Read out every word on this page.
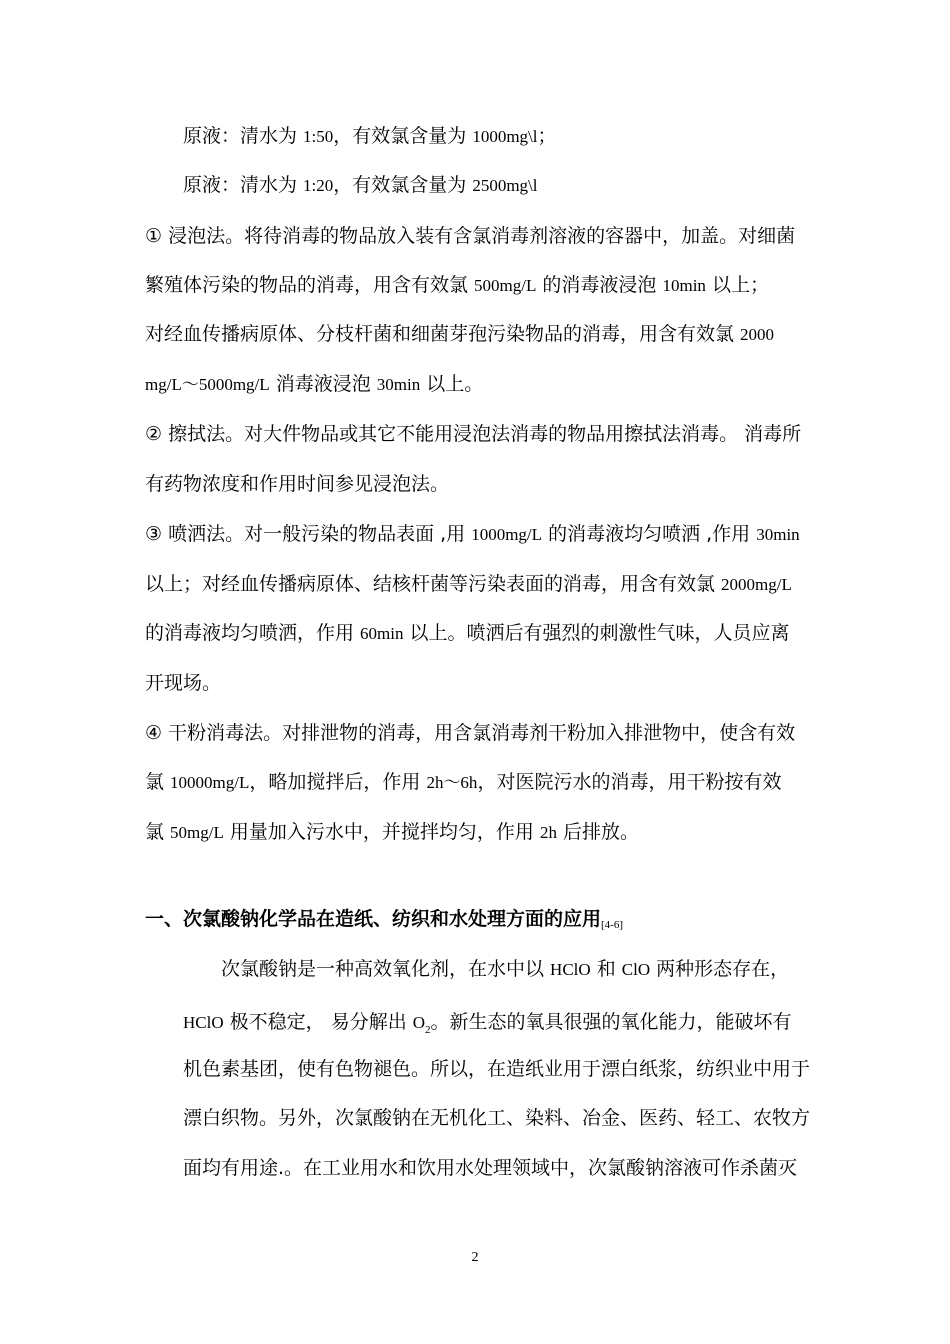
原液：清水为 1:50，有效氯含量为 1000mg\l；
原液：清水为 1:20，有效氯含量为 2500mg\l
① 浸泡法。将待消毒的物品放入装有含氯消毒剂溶液的容器中，加盖。对细菌
繁殖体污染的物品的消毒，用含有效氯 500mg/L 的消毒液浸泡 10min 以上；
对经血传播病原体、分枝杆菌和细菌芽孢污染物品的消毒，用含有效氯 2000
mg/L～5000mg/L 消毒液浸泡 30min 以上。
② 擦拭法。对大件物品或其它不能用浸泡法消毒的物品用擦拭法消毒。 消毒所
有药物浓度和作用时间参见浸泡法。
③ 喷洒法。对一般污染的物品表面 ,用 1000mg/L 的消毒液均匀喷洒 ,作用 30min
以上；对经血传播病原体、结核杆菌等污染表面的消毒，用含有效氯 2000mg/L
的消毒液均匀喷洒，作用 60min 以上。喷洒后有强烈的刺激性气味，人员应离
开现场。
④ 干粉消毒法。对排泄物的消毒，用含氯消毒剂干粉加入排泄物中，使含有效
氯 10000mg/L，略加搅拌后，作用 2h～6h，对医院污水的消毒，用干粉按有效
氯 50mg/L 用量加入污水中，并搅拌均匀，作用 2h 后排放。
一、次氯酸钠化学品在造纸、纺织和水处理方面的应用[4-6]
次氯酸钠是一种高效氧化剂，在水中以 HClO 和 ClO 两种形态存在，
HClO 极不稳定， 易分解出 $O_2$。新生态的氧具很强的氧化能力，能破坏有
机色素基团，使有色物褪色。所以，在造纸业用于漂白纸浆，纺织业中用于
漂白织物。另外，次氯酸钠在无机化工、染料、冶金、医药、轻工、农牧方
面均有用途.。在工业用水和饮用水处理领域中，次氯酸钠溶液可作杀菌灭
2
